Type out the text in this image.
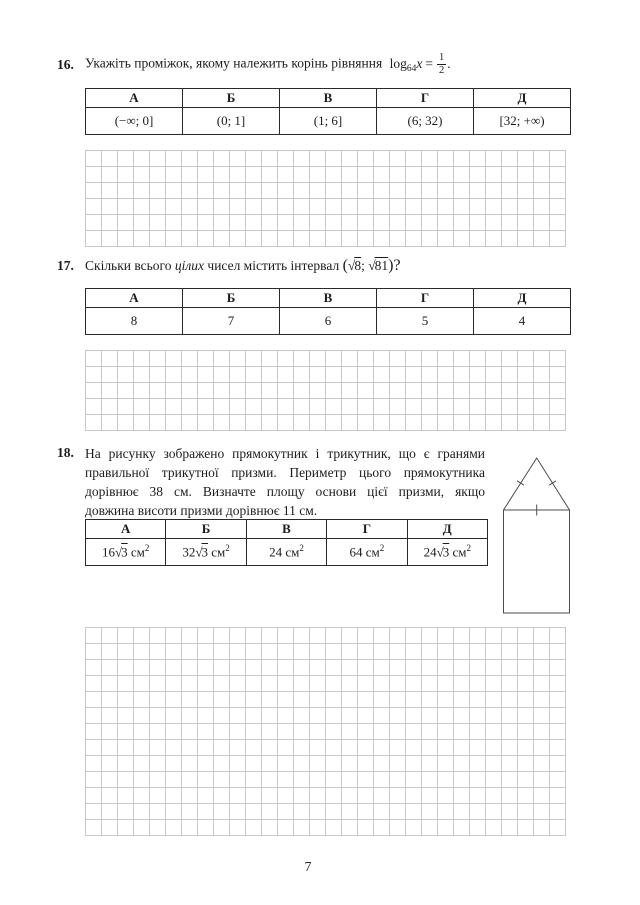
16. Укажіть проміжок, якому належить корінь рівняння $\log_{64}x = \frac{1}{2}$ .
А	Б	В	Г	Д
(−∞; 0]	(0; 1]	(1; 6]	(6; 32)	[32; +∞)
17. Скільки всього цілих чисел містить інтервал (√8; √81)?
А	Б	В	Г	Д
8	7	6	5	4
18. На рисунку зображено прямокутник і трикутник, що є гранями
правильної трикутної призми. Периметр цього прямокутника
дорівнює 38 см. Визначте площу основи цієї призми, якщо
довжина висоти призми дорівнює 11 см.
А	Б	В	Г	Д
16√3 $см^2$	32√3 $см^2$	24 $см^2$	64 $см^2$	24√3 $см^2$
7
